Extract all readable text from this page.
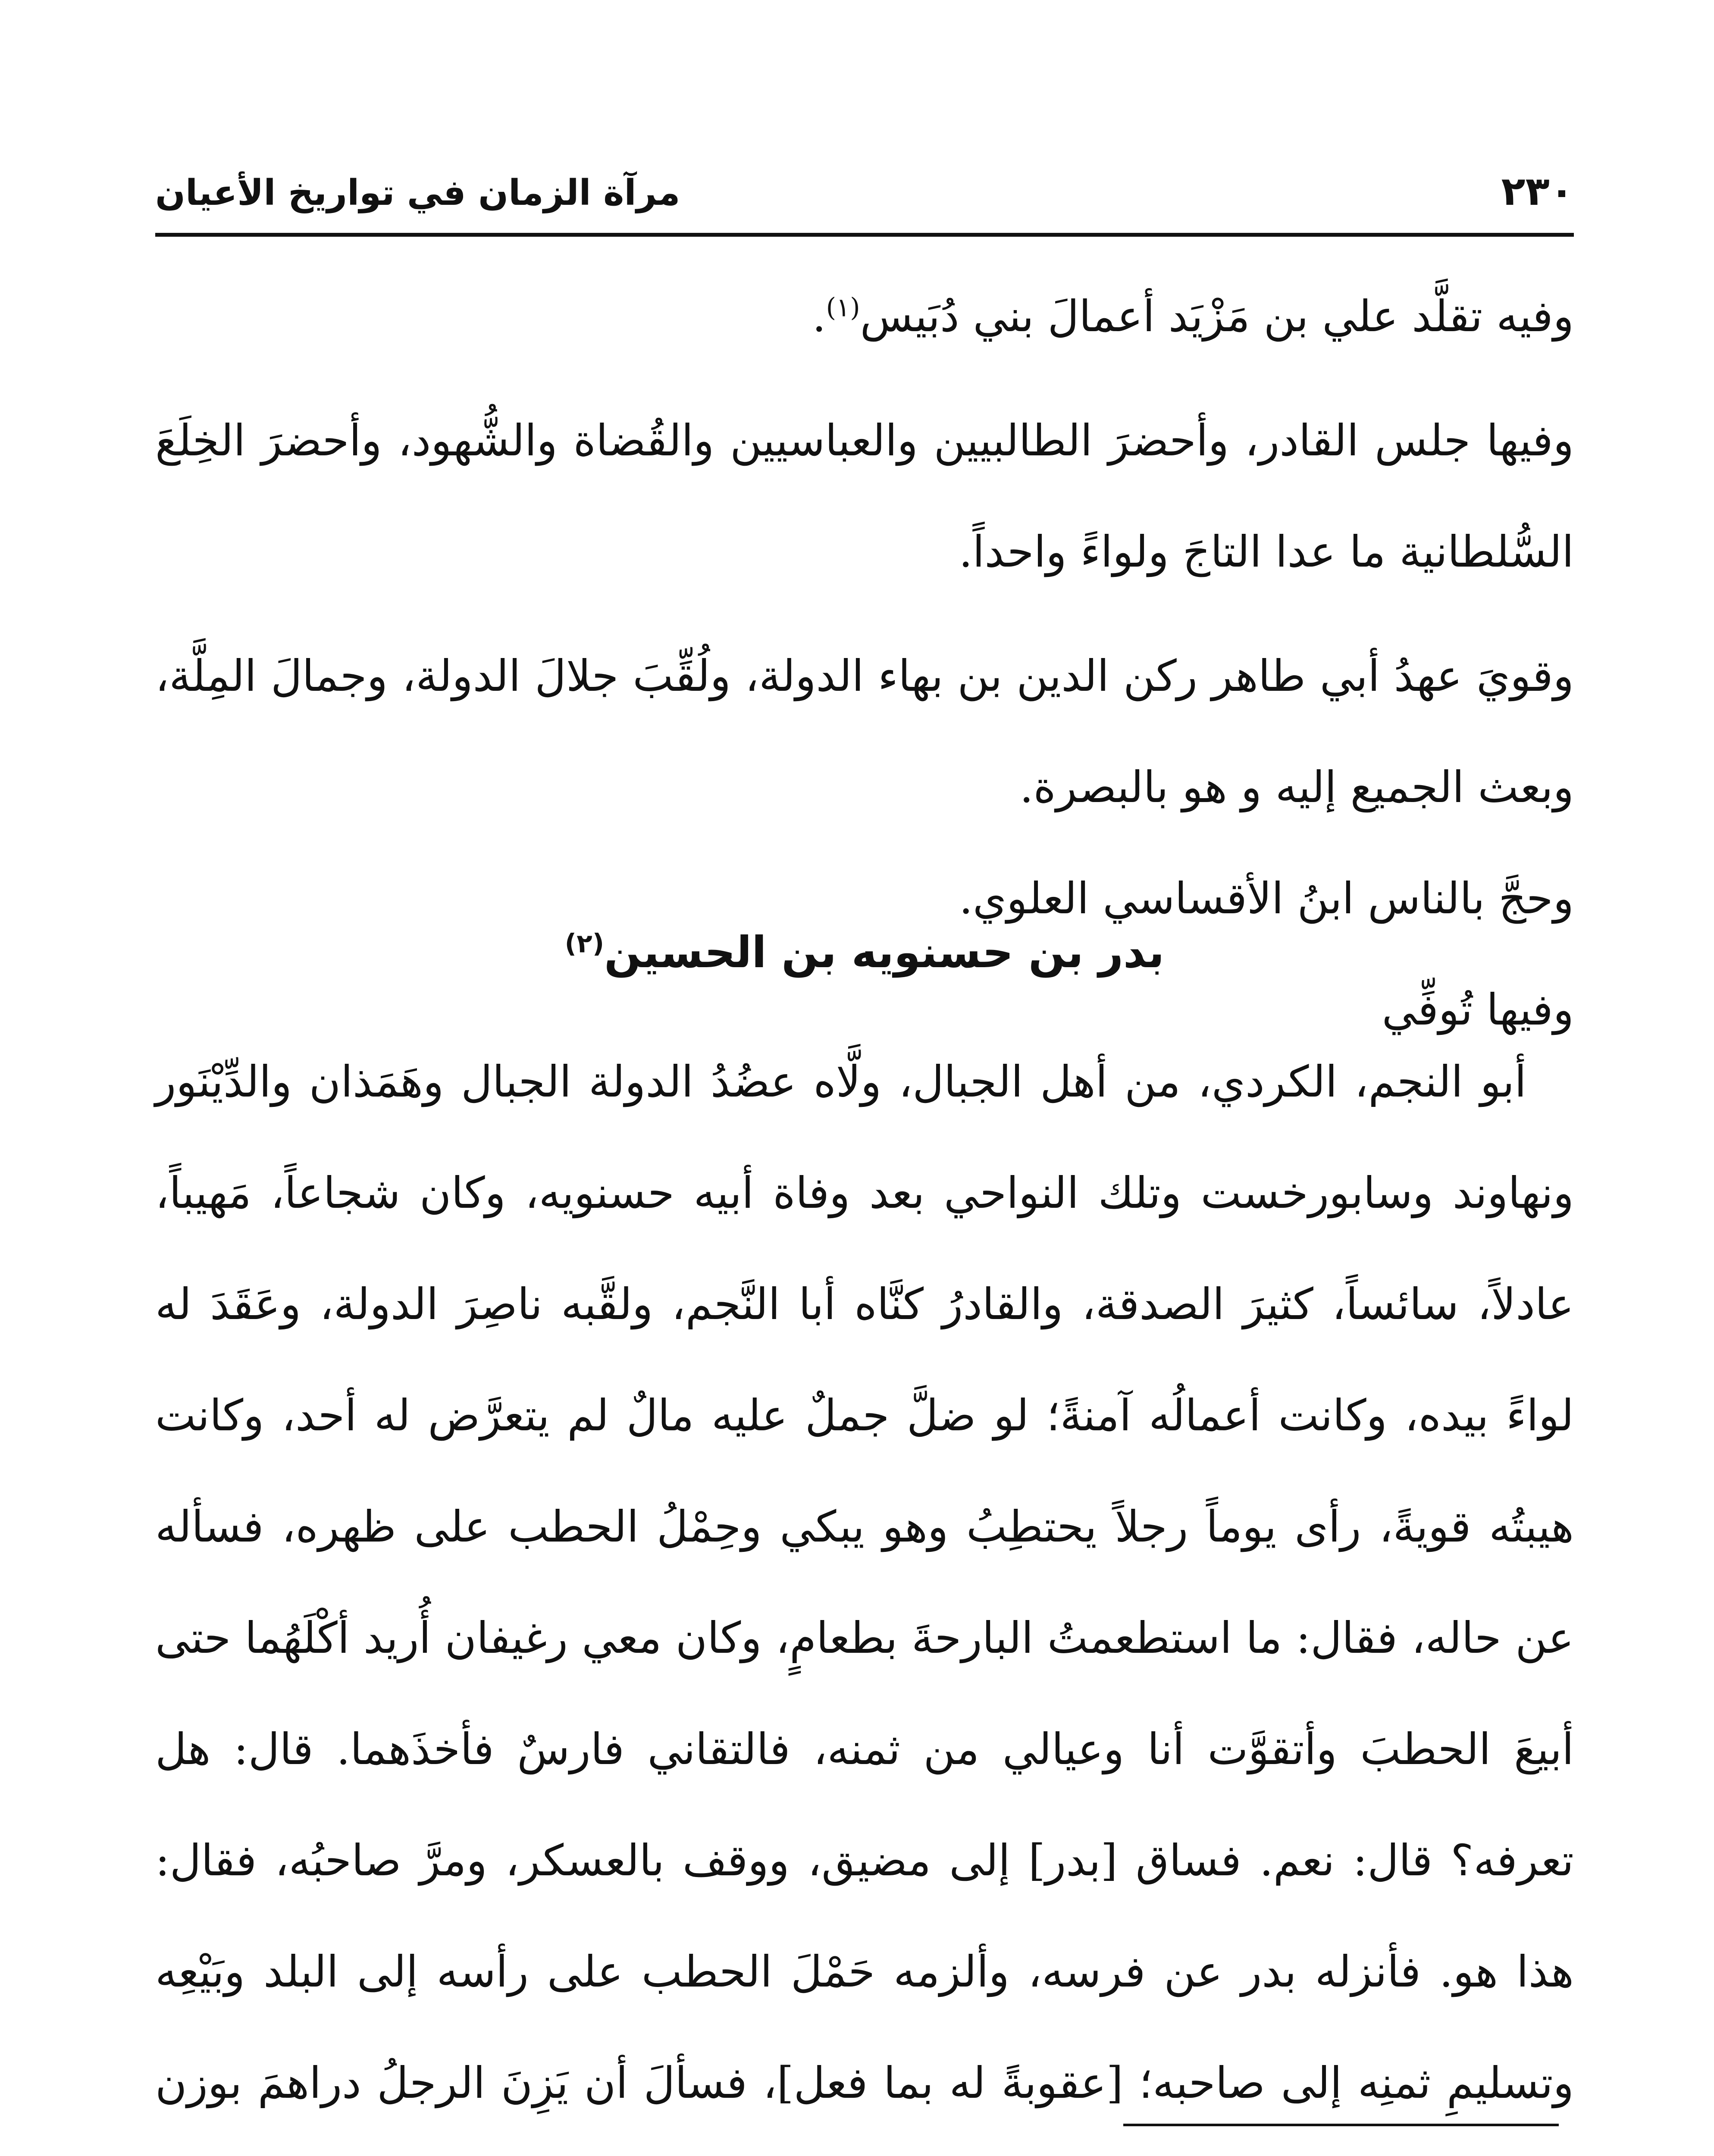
٢٣٠
مرآة الزمان في تواريخ الأعيان

وفيه تقلَّد علي بن مَزْيَد أعمالَ بني دُبَيس$^{(١)}$.

وفيها جلس القادر، وأحضرَ الطالبيين والعباسيين والقُضاة والشُّهود، وأحضرَ الخِلَعَ السُّلطانية ما عدا التاجَ ولواءً واحداً.

وقويَ عهدُ أبي طاهر ركن الدين بن بهاء الدولة، ولُقِّبَ جلالَ الدولة، وجمالَ المِلَّة، وبعث الجميع إليه و هو بالبصرة.

وحجَّ بالناس ابنُ الأقساسي العلوي.

وفيها تُوفِّي

بدر بن حسنويه بن الحسين$^{(٢)}$

أبو النجم، الكردي، من أهل الجبال، ولَّاه عضُدُ الدولة الجبال وهَمَذان والدِّيْنَور ونهاوند وسابورخست وتلك النواحي بعد وفاة أبيه حسنويه، وكان شجاعاً، مَهيباً، عادلاً، سائساً، كثيرَ الصدقة، والقادرُ كنَّاه أبا النَّجم، ولقَّبه ناصِرَ الدولة، وعَقَدَ له لواءً بيده، وكانت أعمالُه آمنةً؛ لو ضلَّ جملٌ عليه مالٌ لم يتعرَّض له أحد، وكانت هيبتُه قويةً، رأى يوماً رجلاً يحتطِبُ وهو يبكي وحِمْلُ الحطب على ظهره، فسأله عن حاله، فقال: ما استطعمتُ البارحةَ بطعامٍ، وكان معي رغيفان أُريد أكْلَهُما حتى أبيعَ الحطبَ وأتقوَّت أنا وعيالي من ثمنه، فالتقاني فارسٌ فأخذَهما. قال: هل تعرفه؟ قال: نعم. فساق [بدر] إلى مضيق، ووقف بالعسكر، ومرَّ صاحبُه، فقال: هذا هو. فأنزله بدر عن فرسه، وألزمه حَمْلَ الحطب على رأسه إلى البلد وبَيْعِه وتسليمِ ثمنِه إلى صاحبه؛ [عقوبةً له بما فعل]، فسألَ أن يَزِنَ الرجلُ دراهمَ بوزن
